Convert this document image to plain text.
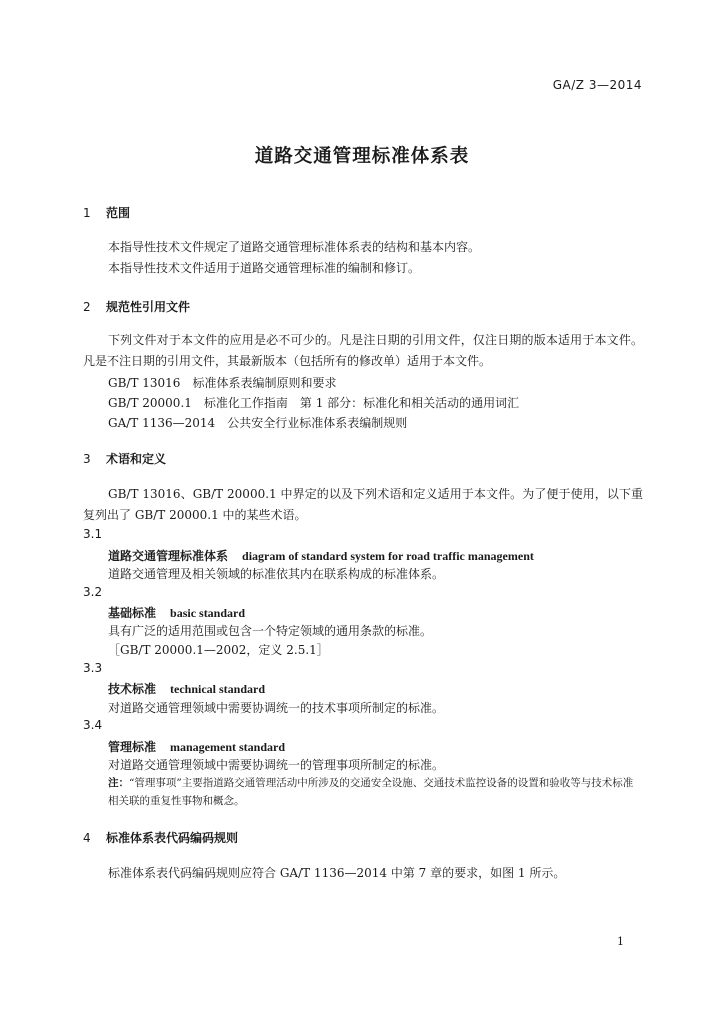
GA/Z 3—2014
道路交通管理标准体系表
1 范围
本指导性技术文件规定了道路交通管理标准体系表的结构和基本内容。
本指导性技术文件适用于道路交通管理标准的编制和修订。
2 规范性引用文件
下列文件对于本文件的应用是必不可少的。凡是注日期的引用文件，仅注日期的版本适用于本文件。凡是不注日期的引用文件，其最新版本（包括所有的修改单）适用于本文件。
GB/T 13016　标准体系表编制原则和要求
GB/T 20000.1　标准化工作指南　第 1 部分：标准化和相关活动的通用词汇
GA/T 1136—2014　公共安全行业标准体系表编制规则
3 术语和定义
GB/T 13016、GB/T 20000.1 中界定的以及下列术语和定义适用于本文件。为了便于使用，以下重复列出了 GB/T 20000.1 中的某些术语。
3.1
道路交通管理标准体系 diagram of standard system for road traffic management
道路交通管理及相关领域的标准依其内在联系构成的标准体系。
3.2
基础标准 basic standard
具有广泛的适用范围或包含一个特定领域的通用条款的标准。
［GB/T 20000.1—2002，定义 2.5.1］
3.3
技术标准 technical standard
对道路交通管理领域中需要协调统一的技术事项所制定的标准。
3.4
管理标准 management standard
对道路交通管理领域中需要协调统一的管理事项所制定的标准。
注：“管理事项”主要指道路交通管理活动中所涉及的交通安全设施、交通技术监控设备的设置和验收等与技术标准相关联的重复性事物和概念。
4 标准体系表代码编码规则
标准体系表代码编码规则应符合 GA/T 1136—2014 中第 7 章的要求，如图 1 所示。
1
